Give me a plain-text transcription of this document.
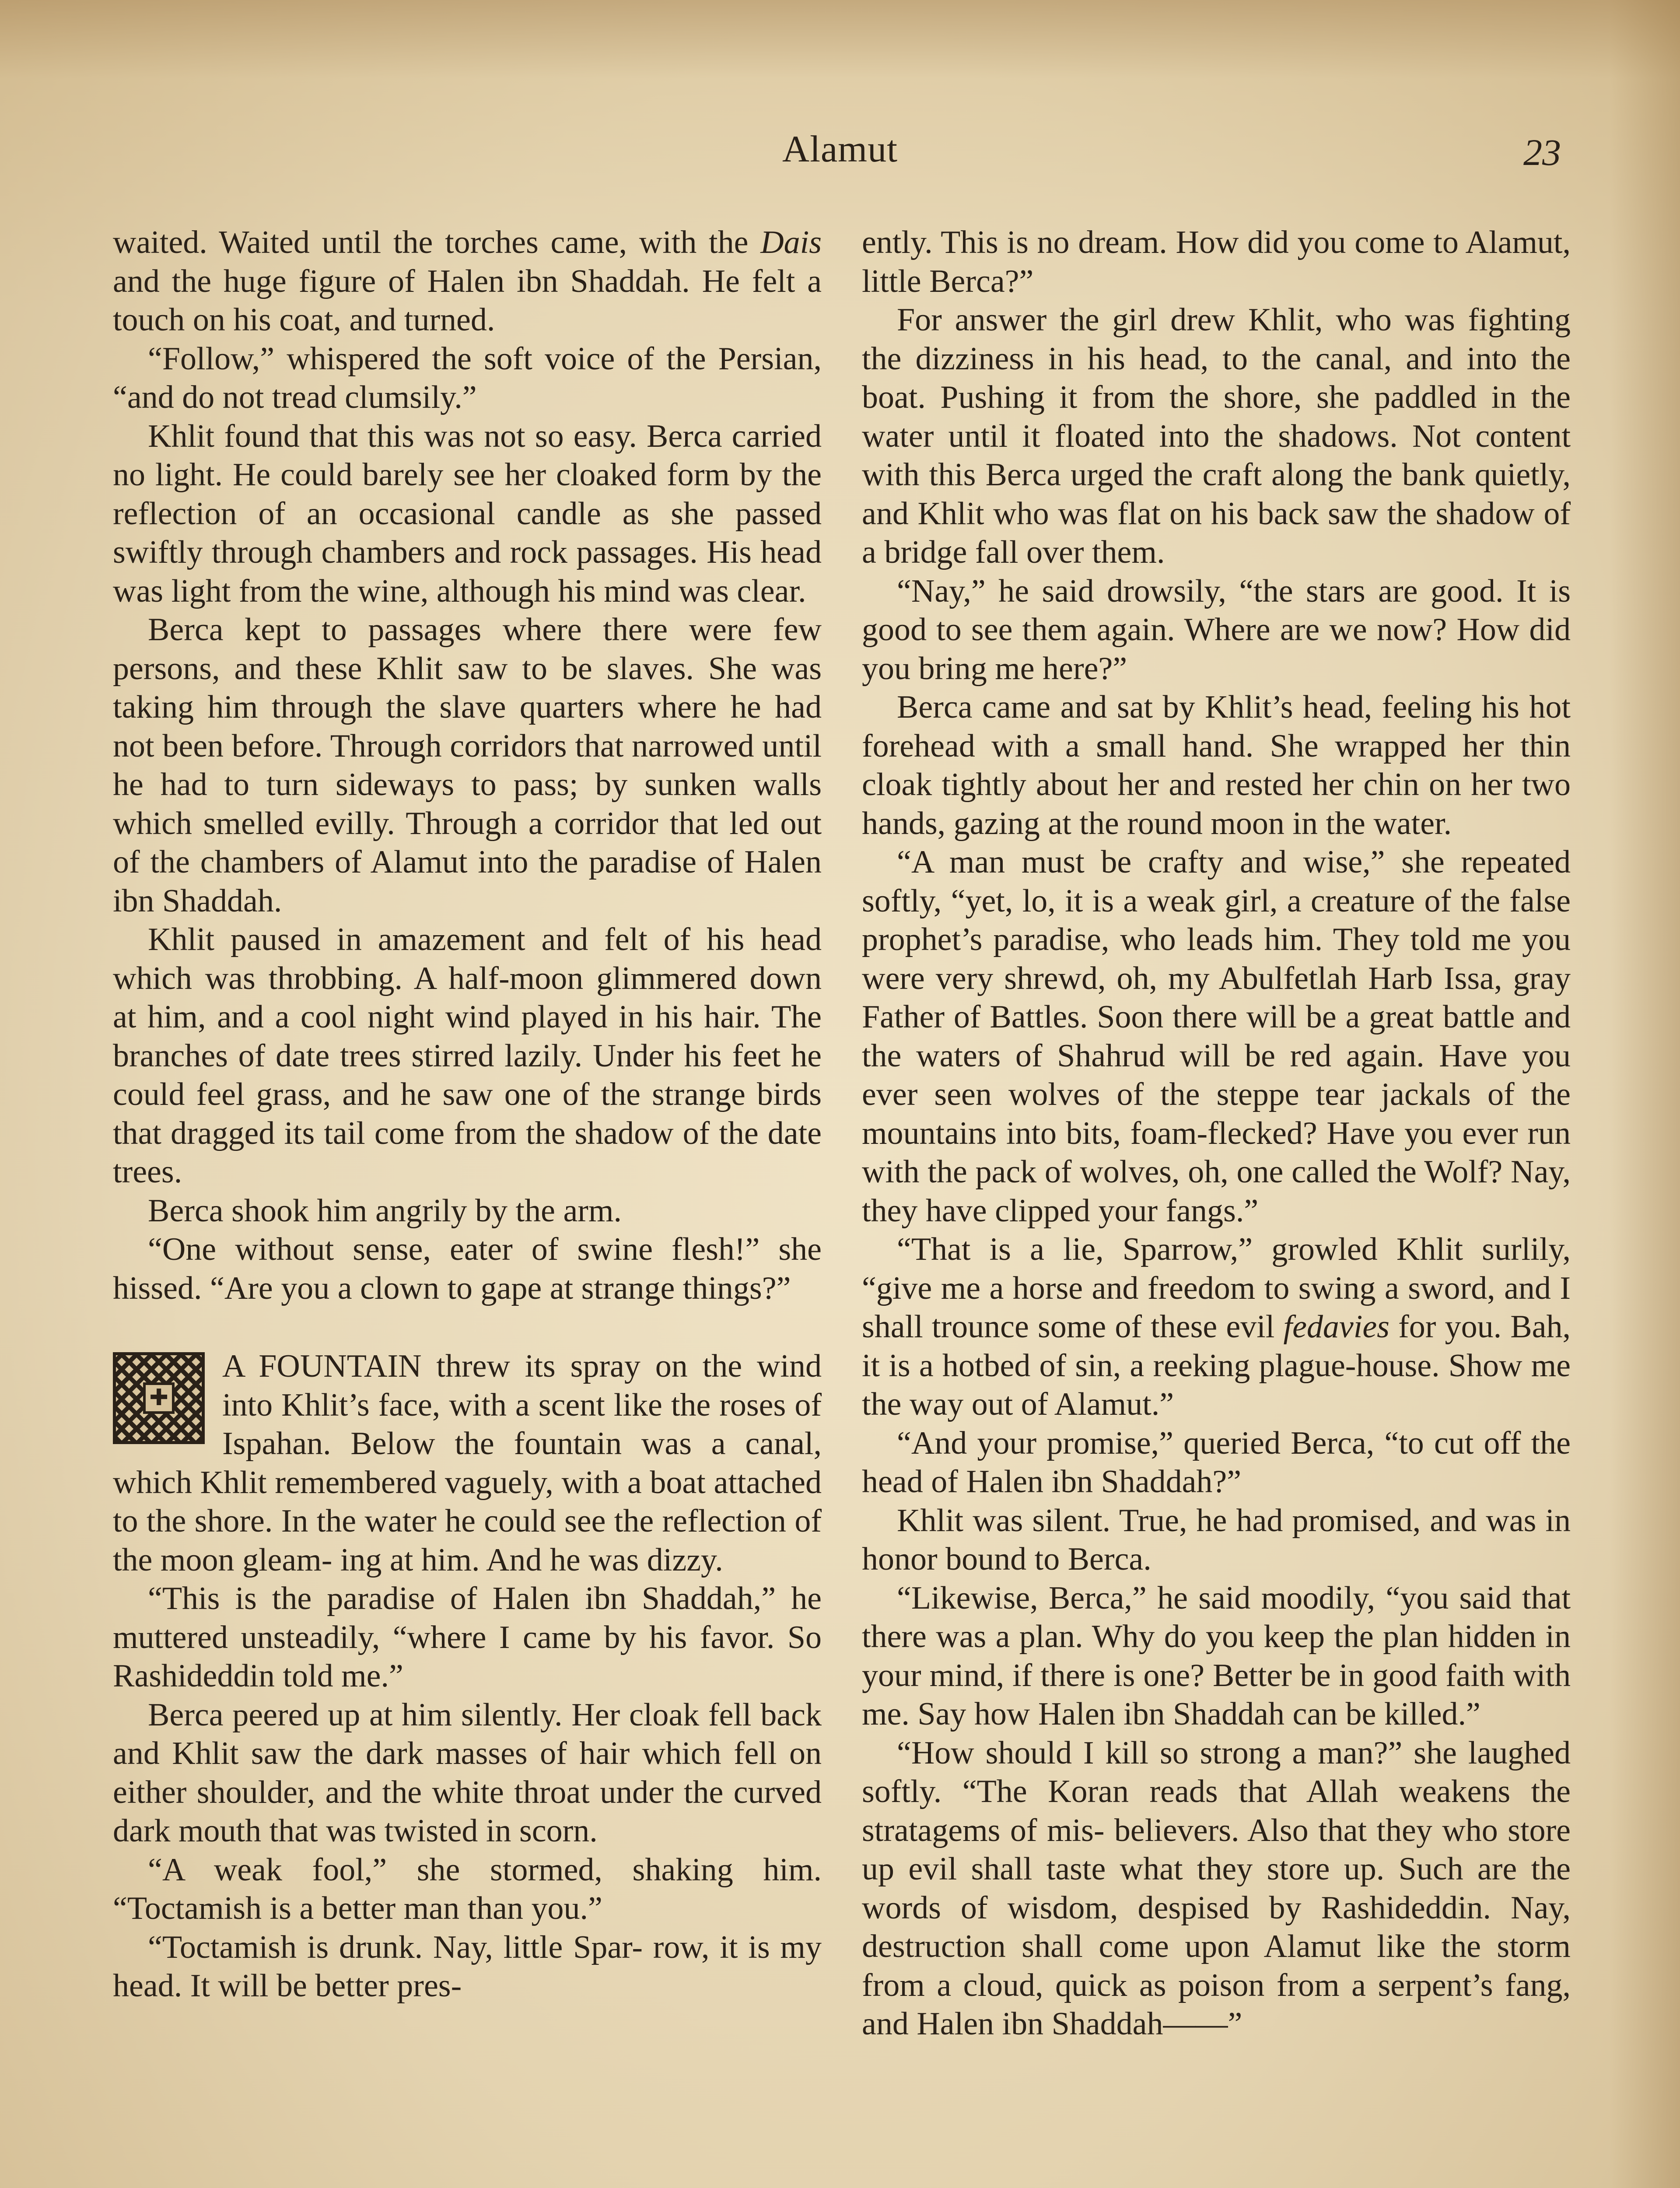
Alamut	23

waited. Waited until the torches came, with the Dais and the huge figure of Halen ibn Shaddah. He felt a touch on his coat, and turned.

“Follow,” whispered the soft voice of the Persian, “and do not tread clumsily.”

Khlit found that this was not so easy. Berca carried no light. He could barely see her cloaked form by the reflection of an occasional candle as she passed swiftly through chambers and rock passages. His head was light from the wine, although his mind was clear.

Berca kept to passages where there were few persons, and these Khlit saw to be slaves. She was taking him through the slave quarters where he had not been before. Through corridors that narrowed until he had to turn sideways to pass; by sunken walls which smelled evilly. Through a corridor that led out of the chambers of Alamut into the paradise of Halen ibn Shaddah.

Khlit paused in amazement and felt of his head which was throbbing. A half-moon glimmered down at him, and a cool night wind played in his hair. The branches of date trees stirred lazily. Under his feet he could feel grass, and he saw one of the strange birds that dragged its tail come from the shadow of the date trees.

Berca shook him angrily by the arm.

“One without sense, eater of swine flesh!” she hissed. “Are you a clown to gape at strange things?”

✚
A FOUNTAIN threw its spray on the wind into Khlit’s face, with a scent like the roses of Ispahan. Below the fountain was a canal, which Khlit remembered vaguely, with a boat attached to the shore. In the water he could see the reflection of the moon gleam- ing at him. And he was dizzy.

“This is the paradise of Halen ibn Shaddah,” he muttered unsteadily, “where I came by his favor. So Rashideddin told me.”

Berca peered up at him silently. Her cloak fell back and Khlit saw the dark masses of hair which fell on either shoulder, and the white throat under the curved dark mouth that was twisted in scorn.

“A weak fool,” she stormed, shaking him. “Toctamish is a better man than you.”

“Toctamish is drunk. Nay, little Spar- row, it is my head. It will be better pres-

ently. This is no dream. How did you come to Alamut, little Berca?”

For answer the girl drew Khlit, who was fighting the dizziness in his head, to the canal, and into the boat. Pushing it from the shore, she paddled in the water until it floated into the shadows. Not content with this Berca urged the craft along the bank quietly, and Khlit who was flat on his back saw the shadow of a bridge fall over them.

“Nay,” he said drowsily, “the stars are good. It is good to see them again. Where are we now? How did you bring me here?”

Berca came and sat by Khlit’s head, feeling his hot forehead with a small hand. She wrapped her thin cloak tightly about her and rested her chin on her two hands, gazing at the round moon in the water.

“A man must be crafty and wise,” she repeated softly, “yet, lo, it is a weak girl, a creature of the false prophet’s paradise, who leads him. They told me you were very shrewd, oh, my Abulfetlah Harb Issa, gray Father of Battles. Soon there will be a great battle and the waters of Shahrud will be red again. Have you ever seen wolves of the steppe tear jackals of the mountains into bits, foam-flecked? Have you ever run with the pack of wolves, oh, one called the Wolf? Nay, they have clipped your fangs.”

“That is a lie, Sparrow,” growled Khlit surlily, “give me a horse and freedom to swing a sword, and I shall trounce some of these evil fedavies for you. Bah, it is a hotbed of sin, a reeking plague-house. Show me the way out of Alamut.”

“And your promise,” queried Berca, “to cut off the head of Halen ibn Shaddah?”

Khlit was silent. True, he had promised, and was in honor bound to Berca.

“Likewise, Berca,” he said moodily, “you said that there was a plan. Why do you keep the plan hidden in your mind, if there is one? Better be in good faith with me. Say how Halen ibn Shaddah can be killed.”

“How should I kill so strong a man?” she laughed softly. “The Koran reads that Allah weakens the stratagems of mis- believers. Also that they who store up evil shall taste what they store up. Such are the words of wisdom, despised by Rashideddin. Nay, destruction shall come upon Alamut like the storm from a cloud, quick as poison from a serpent’s fang, and Halen ibn Shaddah——”
